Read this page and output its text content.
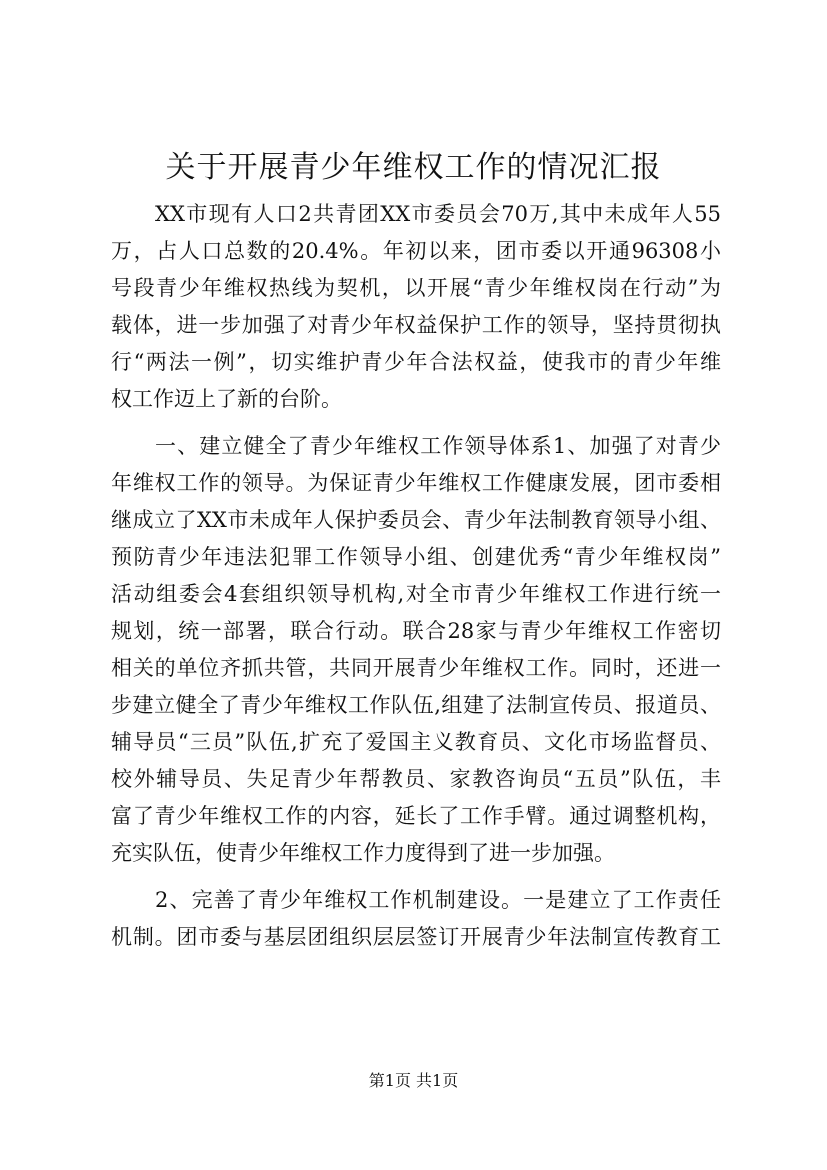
关于开展青少年维权工作的情况汇报
XX市现有人口2共青团XX市委员会70万,其中未成年人55
万，占人口总数的20.4%。年初以来，团市委以开通96308小
号段青少年维权热线为契机，以开展“青少年维权岗在行动”为
载体，进一步加强了对青少年权益保护工作的领导，坚持贯彻执
行“两法一例”，切实维护青少年合法权益，使我市的青少年维
权工作迈上了新的台阶。
一、建立健全了青少年维权工作领导体系1、加强了对青少
年维权工作的领导。为保证青少年维权工作健康发展，团市委相
继成立了XX市未成年人保护委员会、青少年法制教育领导小组、
预防青少年违法犯罪工作领导小组、创建优秀“青少年维权岗”
活动组委会4套组织领导机构,对全市青少年维权工作进行统一
规划，统一部署，联合行动。联合28家与青少年维权工作密切
相关的单位齐抓共管，共同开展青少年维权工作。同时，还进一
步建立健全了青少年维权工作队伍,组建了法制宣传员、报道员、
辅导员“三员”队伍,扩充了爱国主义教育员、文化市场监督员、
校外辅导员、失足青少年帮教员、家教咨询员“五员”队伍，丰
富了青少年维权工作的内容，延长了工作手臂。通过调整机构，
充实队伍，使青少年维权工作力度得到了进一步加强。
2、完善了青少年维权工作机制建设。一是建立了工作责任
机制。团市委与基层团组织层层签订开展青少年法制宣传教育工
第1页 共1页
